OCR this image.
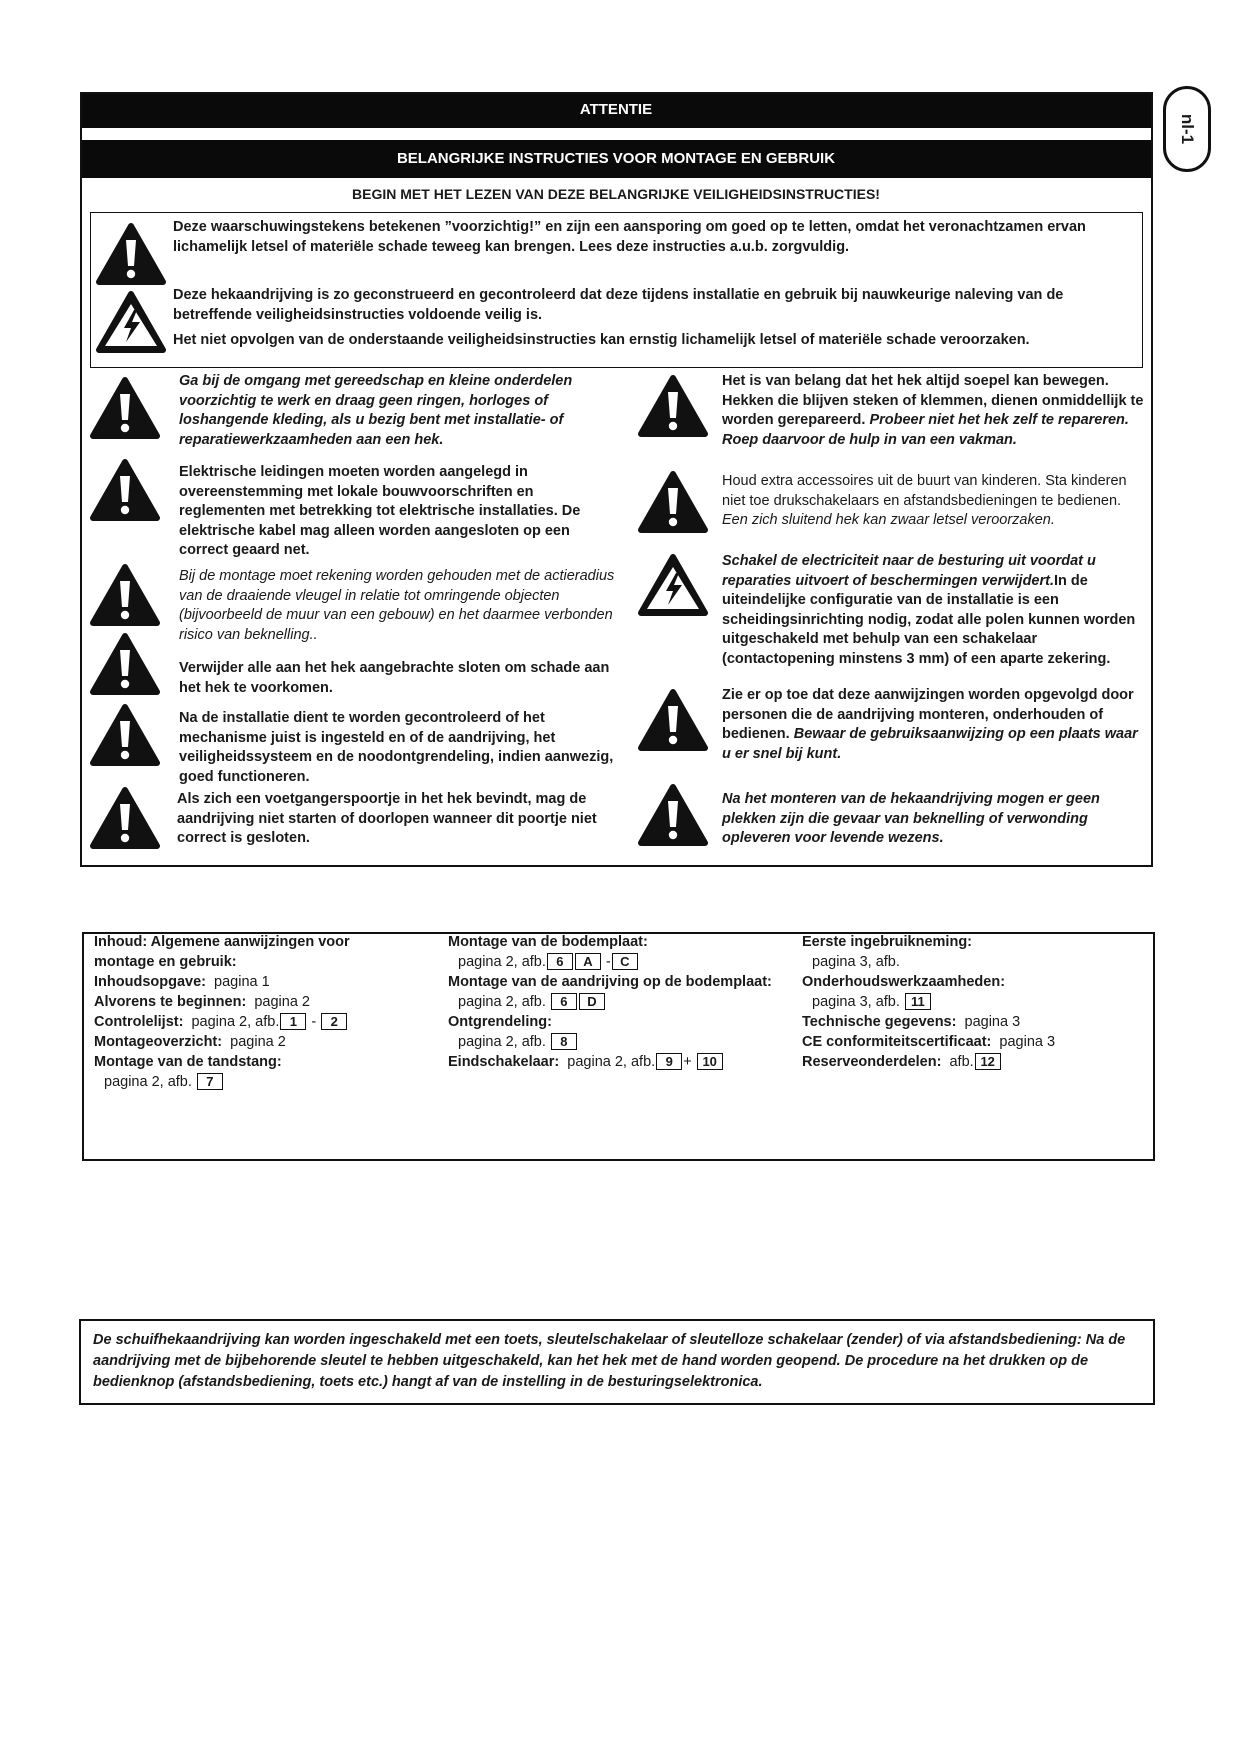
nl-1
ATTENTIE
BELANGRIJKE INSTRUCTIES VOOR MONTAGE EN GEBRUIK
BEGIN MET HET LEZEN VAN DEZE BELANGRIJKE VEILIGHEIDSINSTRUCTIES!
Deze waarschuwingstekens betekenen ”voorzichtig!” en zijn een aansporing om goed op te letten, omdat het veronachtzamen ervan lichamelijk letsel of materiële schade teweeg kan brengen. Lees deze instructies a.u.b. zorgvuldig.
Deze hekaandrijving is zo geconstrueerd en gecontroleerd dat deze tijdens installatie en gebruik bij nauwkeurige naleving van de betreffende veiligheidsinstructies voldoende veilig is.
Het niet opvolgen van de onderstaande veiligheidsinstructies kan ernstig lichamelijk letsel of materiële schade veroorzaken.
Ga bij de omgang met gereedschap en kleine onderdelen voorzichtig te werk en draag geen ringen, horloges of loshangende kleding, als u bezig bent met installatie- of reparatiewerkzaamheden aan een hek.
Elektrische leidingen moeten worden aangelegd in overeenstemming met lokale bouwvoorschriften en reglementen met betrekking tot elektrische installaties. De elektrische kabel mag alleen worden aangesloten op een correct geaard net.
Bij de montage moet rekening worden gehouden met de actieradius van de draaiende vleugel in relatie tot omringende objecten (bijvoorbeeld de muur van een gebouw) en het daarmee verbonden risico van beknelling..
Verwijder alle aan het hek aangebrachte sloten om schade aan het hek te voorkomen.
Na de installatie dient te worden gecontroleerd of het mechanisme juist is ingesteld en of de aandrijving, het veiligheidssysteem en de noodontgrendeling, indien aanwezig, goed functioneren.
Als zich een voetgangerspoortje in het hek bevindt, mag de aandrijving niet starten of doorlopen wanneer dit poortje niet correct is gesloten.
Het is van belang dat het hek altijd soepel kan bewegen. Hekken die blijven steken of klemmen, dienen onmiddellijk te worden gerepareerd. Probeer niet het hek zelf te repareren. Roep daarvoor de hulp in van een vakman.
Houd extra accessoires uit de buurt van kinderen. Sta kinderen niet toe drukschakelaars en afstandsbedieningen te bedienen. Een zich sluitend hek kan zwaar letsel veroorzaken.
Schakel de electriciteit naar de besturing uit voordat u reparaties uitvoert of beschermingen verwijdert.In de uiteindelijke configuratie van de installatie is een scheidingsinrichting nodig, zodat alle polen kunnen worden uitgeschakeld met behulp van een schakelaar (contactopening minstens 3 mm) of een aparte zekering.
Zie er op toe dat deze aanwijzingen worden opgevolgd door personen die de aandrijving monteren, onderhouden of bedienen. Bewaar de gebruiksaanwijzing op een plaats waar u er snel bij kunt.
Na het monteren van de hekaandrijving mogen er geen plekken zijn die gevaar van beknelling of verwonding opleveren voor levende wezens.
Inhoud: Algemene aanwijzingen voor montage en gebruik:
Inhoudsopgave: pagina 1
Alvorens te beginnen: pagina 2
Controlelijst: pagina 2, afb. 1 - 2
Montageoverzicht: pagina 2
Montage van de tandstang:
pagina 2, afb. 7
Montage van de bodemplaat:
pagina 2, afb. 6 A - C
Montage van de aandrijving op de bodemplaat:
pagina 2, afb. 6 D
Ontgrendeling:
pagina 2, afb. 8
Eindschakelaar: pagina 2, afb. 9 + 10
Eerste ingebruikneming:
pagina 3, afb.
Onderhoudswerkzaamheden:
pagina 3, afb. 11
Technische gegevens: pagina 3
CE conformiteitscertificaat: pagina 3
Reserveonderdelen: afb. 12
De schuifhekaandrijving kan worden ingeschakeld met een toets, sleutelschakelaar of sleutelloze schakelaar (zender) of via afstandsbediening: Na de aandrijving met de bijbehorende sleutel te hebben uitgeschakeld, kan het hek met de hand worden geopend. De procedure na het drukken op de bedienknop (afstandsbediening, toets etc.) hangt af van de instelling in de besturingselektronica.
